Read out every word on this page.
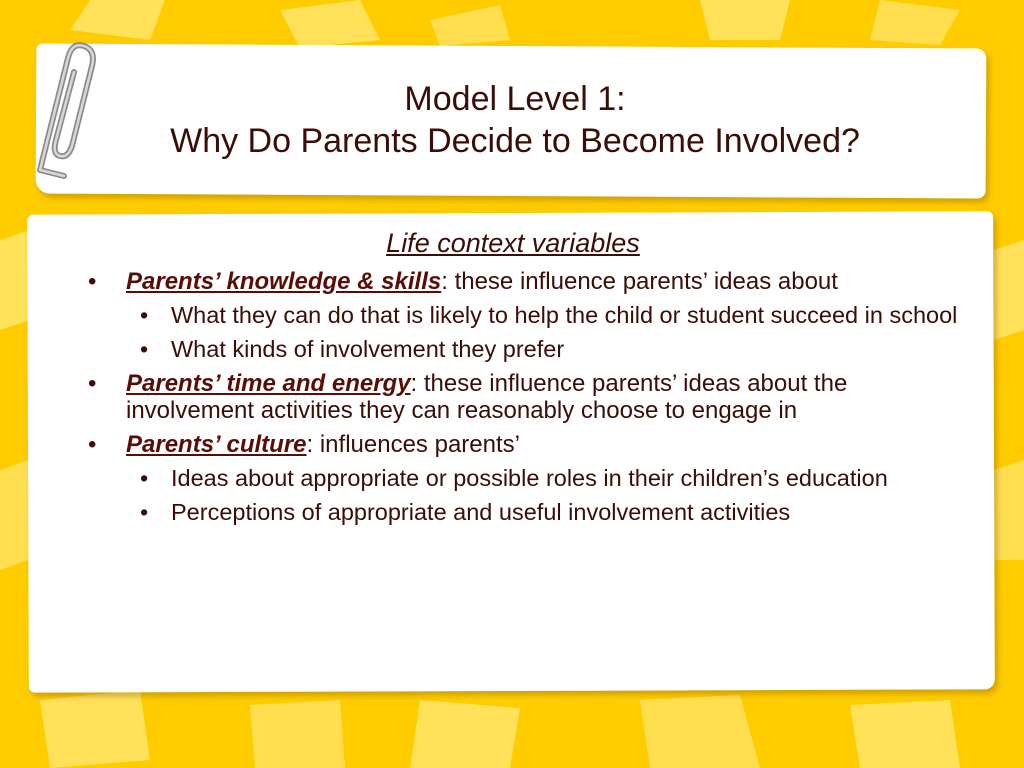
Model Level 1:
Why Do Parents Decide to Become Involved?
Life context variables
• Parents’ knowledge & skills: these influence parents’ ideas about
• What they can do that is likely to help the child or student succeed in school
• What kinds of involvement they prefer
• Parents’ time and energy: these influence parents’ ideas about the involvement activities they can reasonably choose to engage in
• Parents’ culture: influences parents’
• Ideas about appropriate or possible roles in their children’s education
• Perceptions of appropriate and useful involvement activities
